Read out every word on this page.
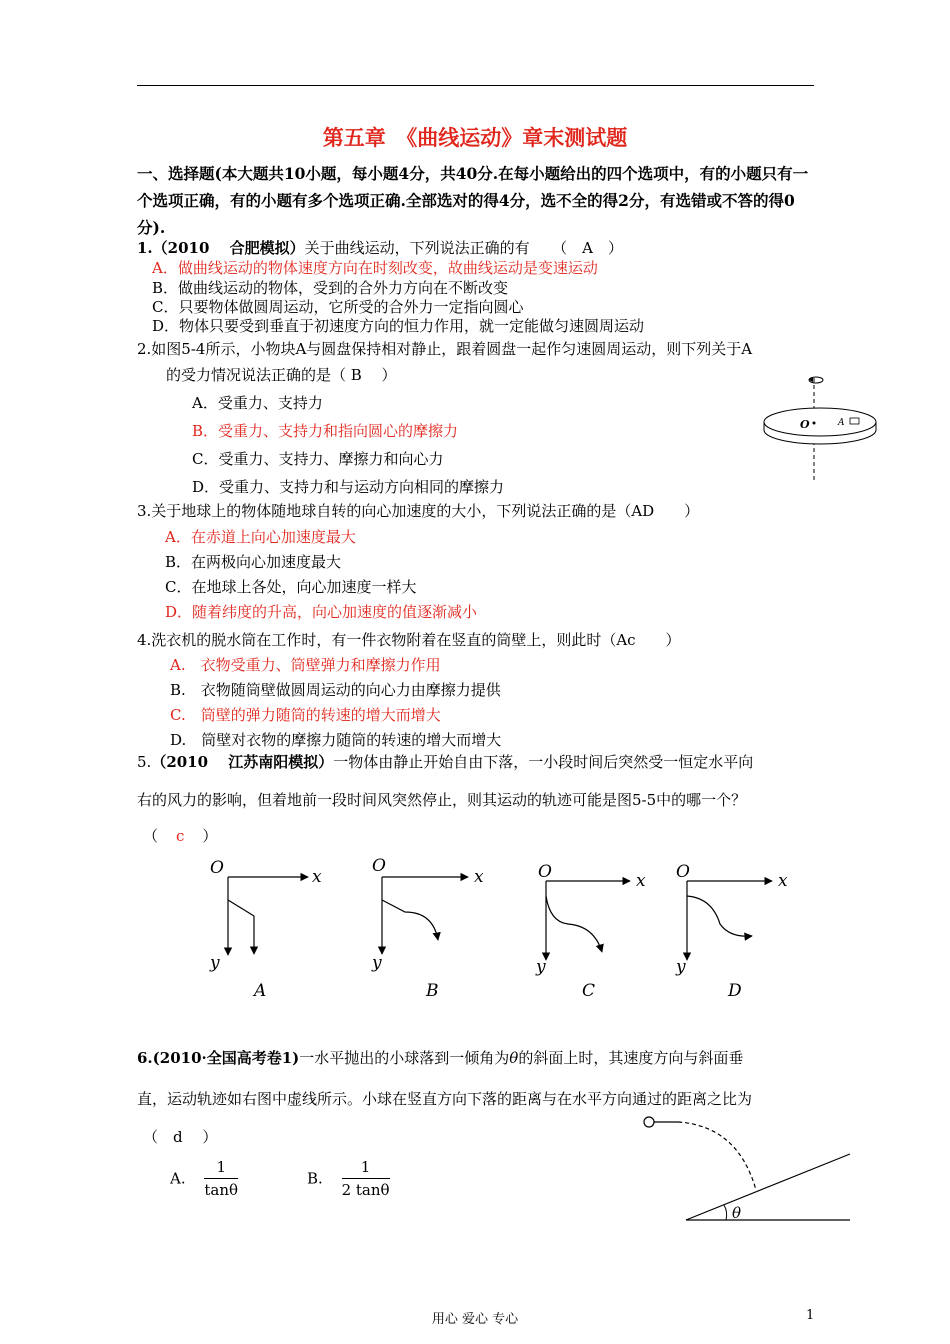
第五章　《曲线运动》章末测试题
一、选择题(本大题共10小题，每小题4分，共40分.在每小题给出的四个选项中，有的小题只有一个选项正确，有的小题有多个选项正确.全部选对的得4分，选不全的得2分，有选错或不答的得0分).
1.（2010　 合肥模拟）关于曲线运动，下列说法正确的有　　（　A　）
A．做曲线运动的物体速度方向在时刻改变，故曲线运动是变速运动
B．做曲线运动的物体，受到的合外力方向在不断改变
C．只要物体做圆周运动，它所受的合外力一定指向圆心
D．物体只要受到垂直于初速度方向的恒力作用，就一定能做匀速圆周运动
2.如图5-4所示，小物块A与圆盘保持相对静止，跟着圆盘一起作匀速圆周运动，则下列关于A
的受力情况说法正确的是（ B　 ）
A．受重力、支持力
B．受重力、支持力和指向圆心的摩擦力
C．受重力、支持力、摩擦力和向心力
D．受重力、支持力和与运动方向相同的摩擦力
O	A
3.关于地球上的物体随地球自转的向心加速度的大小，下列说法正确的是（AD　　）
A．在赤道上向心加速度最大
B．在两极向心加速度最大
C．在地球上各处，向心加速度一样大
D．随着纬度的升高，向心加速度的值逐渐减小
4.洗衣机的脱水筒在工作时，有一件衣物附着在竖直的筒壁上，则此时（Ac　　）
A.　衣物受重力、筒壁弹力和摩擦力作用
B.　衣物随筒壁做圆周运动的向心力由摩擦力提供
C.　筒壁的弹力随筒的转速的增大而增大
D.　筒壁对衣物的摩擦力随筒的转速的增大而增大
5.（2010　 江苏南阳模拟）一物体由静止开始自由下落，一小段时间后突然受一恒定水平向
右的风力的影响，但着地前一段时间风突然停止，则其运动的轨迹可能是图5-5中的哪一个？
（ c ）
O	x
y
A
O
x
y
B
O	x
y
C
O	x
y
D
6.(2010·全国高考卷1)一水平抛出的小球落到一倾角为θ的斜面上时，其速度方向与斜面垂
直，运动轨迹如右图中虚线所示。小球在竖直方向下落的距离与在水平方向通过的距离之比为
（　d　 ）
A. $\frac{1}{\tan\theta}$	B. $\frac{1}{2 \tan\theta}$
θ
用心 爱心 专心	1
